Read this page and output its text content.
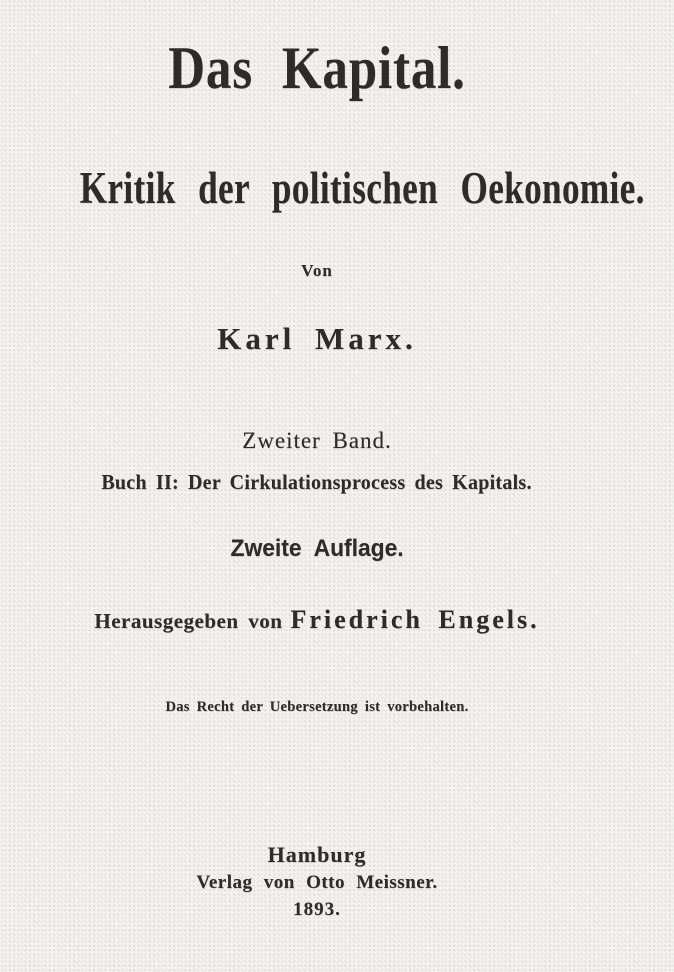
Das Kapital.
Kritik der politischen Oekonomie.
Von
Karl Marx.
Zweiter Band.
Buch II: Der Cirkulationsprocess des Kapitals.
Zweite Auflage.
Herausgegeben von Friedrich Engels.
Das Recht der Uebersetzung ist vorbehalten.
Hamburg
Verlag von Otto Meissner.
1893.
